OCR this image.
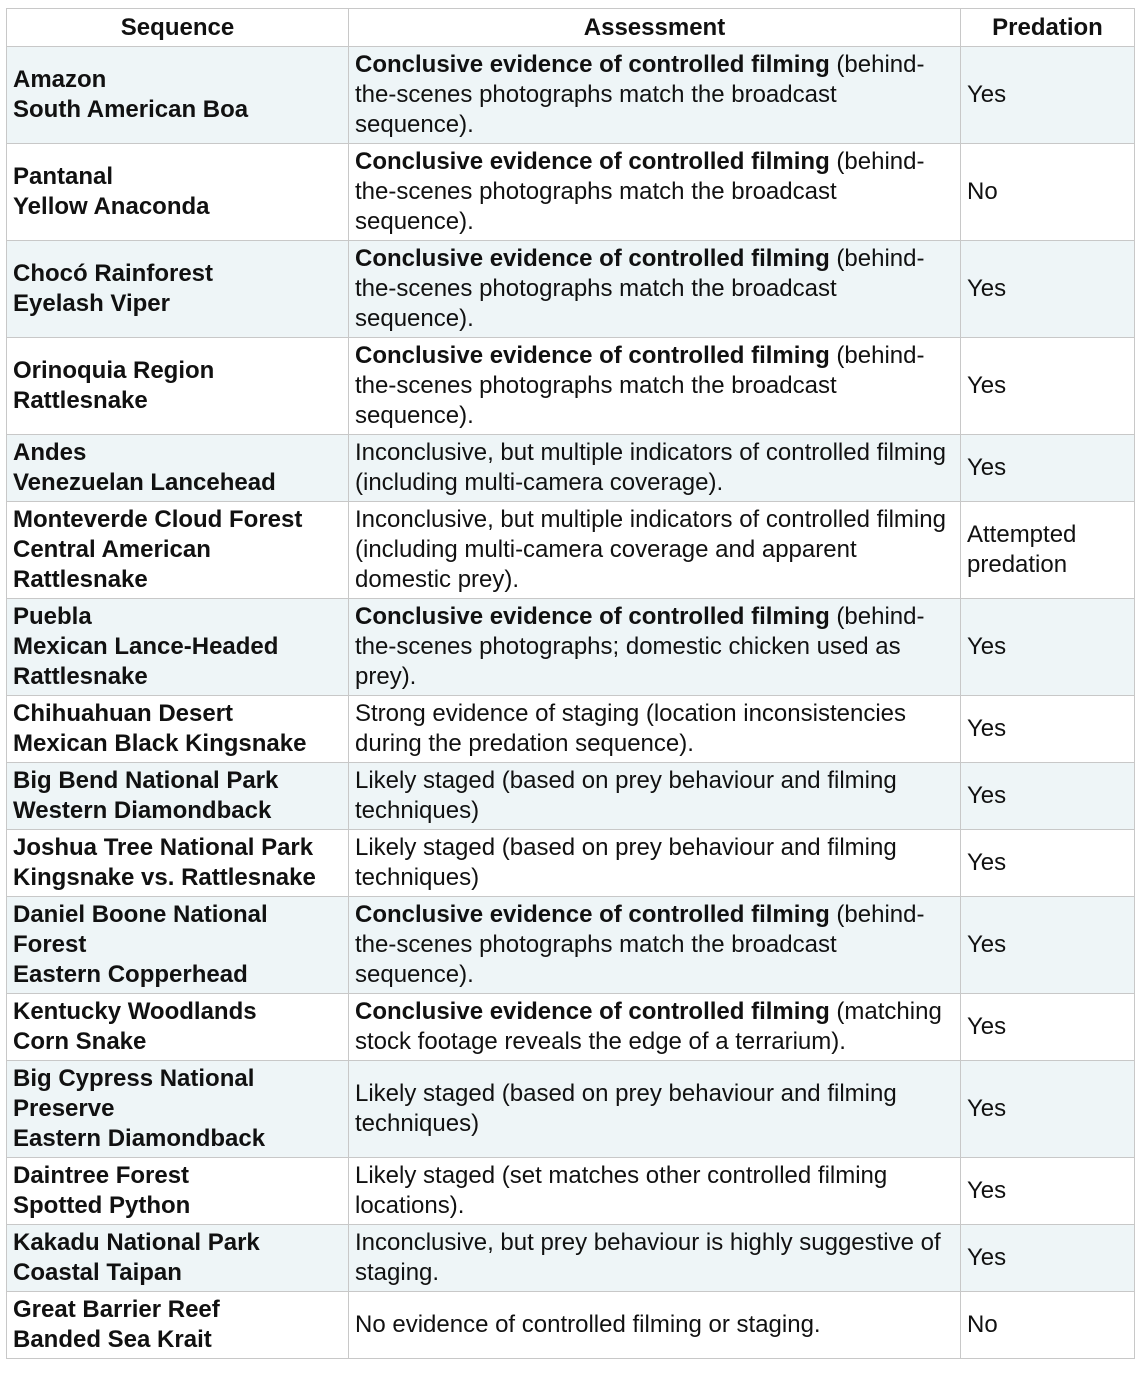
Sequence	Assessment	Predation

Amazon
South American Boa	Conclusive evidence of controlled filming (behind-the-scenes photographs match the broadcast sequence).	Yes

Pantanal
Yellow Anaconda	Conclusive evidence of controlled filming (behind-the-scenes photographs match the broadcast sequence).	No

Chocó Rainforest
Eyelash Viper	Conclusive evidence of controlled filming (behind-the-scenes photographs match the broadcast sequence).	Yes

Orinoquia Region
Rattlesnake	Conclusive evidence of controlled filming (behind-the-scenes photographs match the broadcast sequence).	Yes

Andes
Venezuelan Lancehead	Inconclusive, but multiple indicators of controlled filming (including multi-camera coverage).	Yes

Monteverde Cloud Forest
Central American Rattlesnake	Inconclusive, but multiple indicators of controlled filming (including multi-camera coverage and apparent domestic prey).	Attempted predation

Puebla
Mexican Lance-Headed Rattlesnake	Conclusive evidence of controlled filming (behind-the-scenes photographs; domestic chicken used as prey).	Yes

Chihuahuan Desert
Mexican Black Kingsnake	Strong evidence of staging (location inconsistencies during the predation sequence).	Yes

Big Bend National Park
Western Diamondback	Likely staged (based on prey behaviour and filming techniques)	Yes

Joshua Tree National Park
Kingsnake vs. Rattlesnake	Likely staged (based on prey behaviour and filming techniques)	Yes

Daniel Boone National Forest
Eastern Copperhead	Conclusive evidence of controlled filming (behind-the-scenes photographs match the broadcast sequence).	Yes

Kentucky Woodlands
Corn Snake	Conclusive evidence of controlled filming (matching stock footage reveals the edge of a terrarium).	Yes

Big Cypress National Preserve
Eastern Diamondback	Likely staged (based on prey behaviour and filming techniques)	Yes

Daintree Forest
Spotted Python	Likely staged (set matches other controlled filming locations).	Yes

Kakadu National Park
Coastal Taipan	Inconclusive, but prey behaviour is highly suggestive of staging.	Yes

Great Barrier Reef
Banded Sea Krait	No evidence of controlled filming or staging.	No
